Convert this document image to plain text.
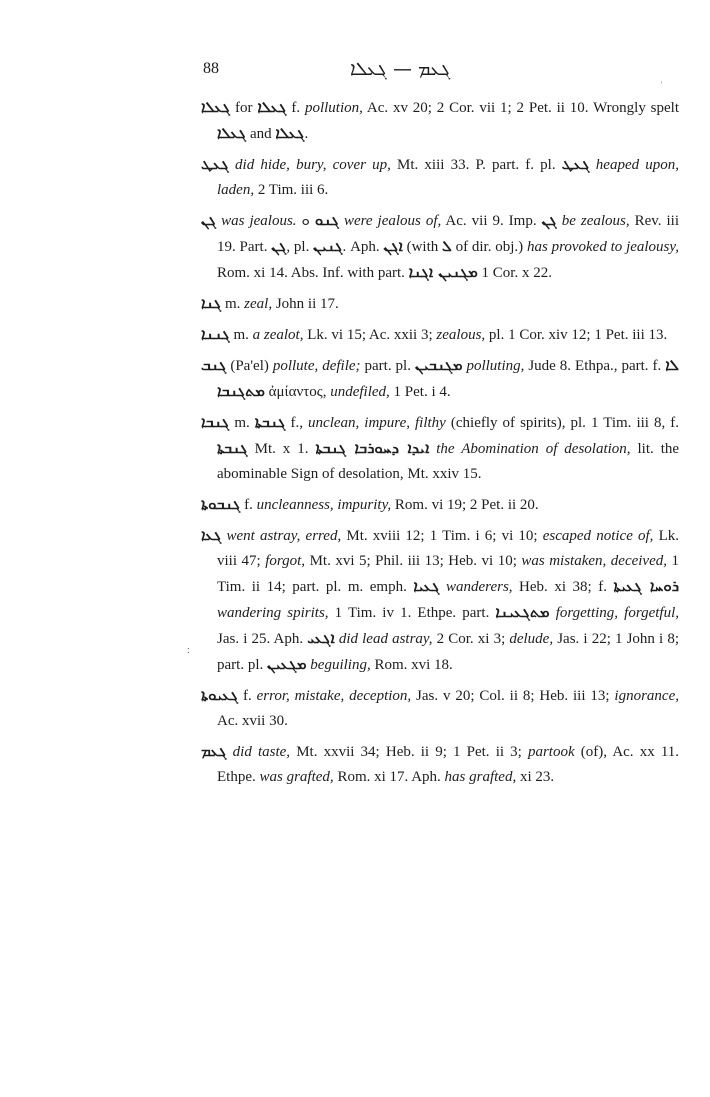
88	ܓܥܡ — ܓܥܠܐ
ʼ
:

ܓܥܠܐ for ܓܥܠܐ f. pollution, Ac. xv 20; 2 Cor. vii 1; 2 Pet. ii 10. Wrongly spelt ܓܥܠܐ and ܓܥܠܐ.

ܓܥܛ did hide, bury, cover up, Mt. xiii 33. P. part. f. pl. ܓܥܛ heaped upon, laden, 2 Tim. iii 6.

ܓܢ was jealous. ܘ ܓܢܘ were jealous of, Ac. vii 9. Imp. ܓܢ be zealous, Rev. iii 19. Part. ܓܢ, pl. ܓܢܝܢ. Aph. ܐܓܢ (with ܠ of dir. obj.) has provoked to jealousy, Rom. xi 14. Abs. Inf. with part. ܡܓܢܝܢ ܐܓܢܐ 1 Cor. x 22.

ܓܢܐ m. zeal, John ii 17.

ܓܢܢܐ m. a zealot, Lk. vi 15; Ac. xxii 3; zealous, pl. 1 Cor. xiv 12; 1 Pet. iii 13.

ܓܢܒ (Pa'el) pollute, defile; part. pl. ܡܓܢܒܝܢ polluting, Jude 8. Ethpa., part. f. ܠܐ ܡܬܓܢܒܐ ἀμίαντος, undefiled, 1 Pet. i 4.

ܓܢܒܐ m. ܓܢܒܬܐ f., unclean, impure, filthy (chiefly of spirits), pl. 1 Tim. iii 8, f. ܓܢܒܬܐ Mt. x 1. ܐܝܕܐ ܕܚܘܪܒܐ ܓܢܒܬܐ the Abomination of desolation, lit. the abominable Sign of desolation, Mt. xxiv 15.

ܓܢܒܘܬܐ f. uncleanness, impurity, Rom. vi 19; 2 Pet. ii 20.

ܓܥܐ went astray, erred, Mt. xviii 12; 1 Tim. i 6; vi 10; escaped notice of, Lk. viii 47; forgot, Mt. xvi 5; Phil. iii 13; Heb. vi 10; was mistaken, deceived, 1 Tim. ii 14; part. pl. m. emph. ܓܥܝܐ wanderers, Heb. xi 38; f. ܪܘܚܐ ܓܥܝܬܐ wandering spirits, 1 Tim. iv 1. Ethpe. part. ܡܬܓܥܝܢܐ forgetting, forgetful, Jas. i 25. Aph. ܐܓܥܝ did lead astray, 2 Cor. xi 3; delude, Jas. i 22; 1 John i 8; part. pl. ܡܓܥܝܢ beguiling, Rom. xvi 18.

ܓܥܝܘܬܐ f. error, mistake, deception, Jas. v 20; Col. ii 8; Heb. iii 13; ignorance, Ac. xvii 30.

ܓܥܡ did taste, Mt. xxvii 34; Heb. ii 9; 1 Pet. ii 3; partook (of), Ac. xx 11. Ethpe. was grafted, Rom. xi 17. Aph. has grafted, xi 23.
